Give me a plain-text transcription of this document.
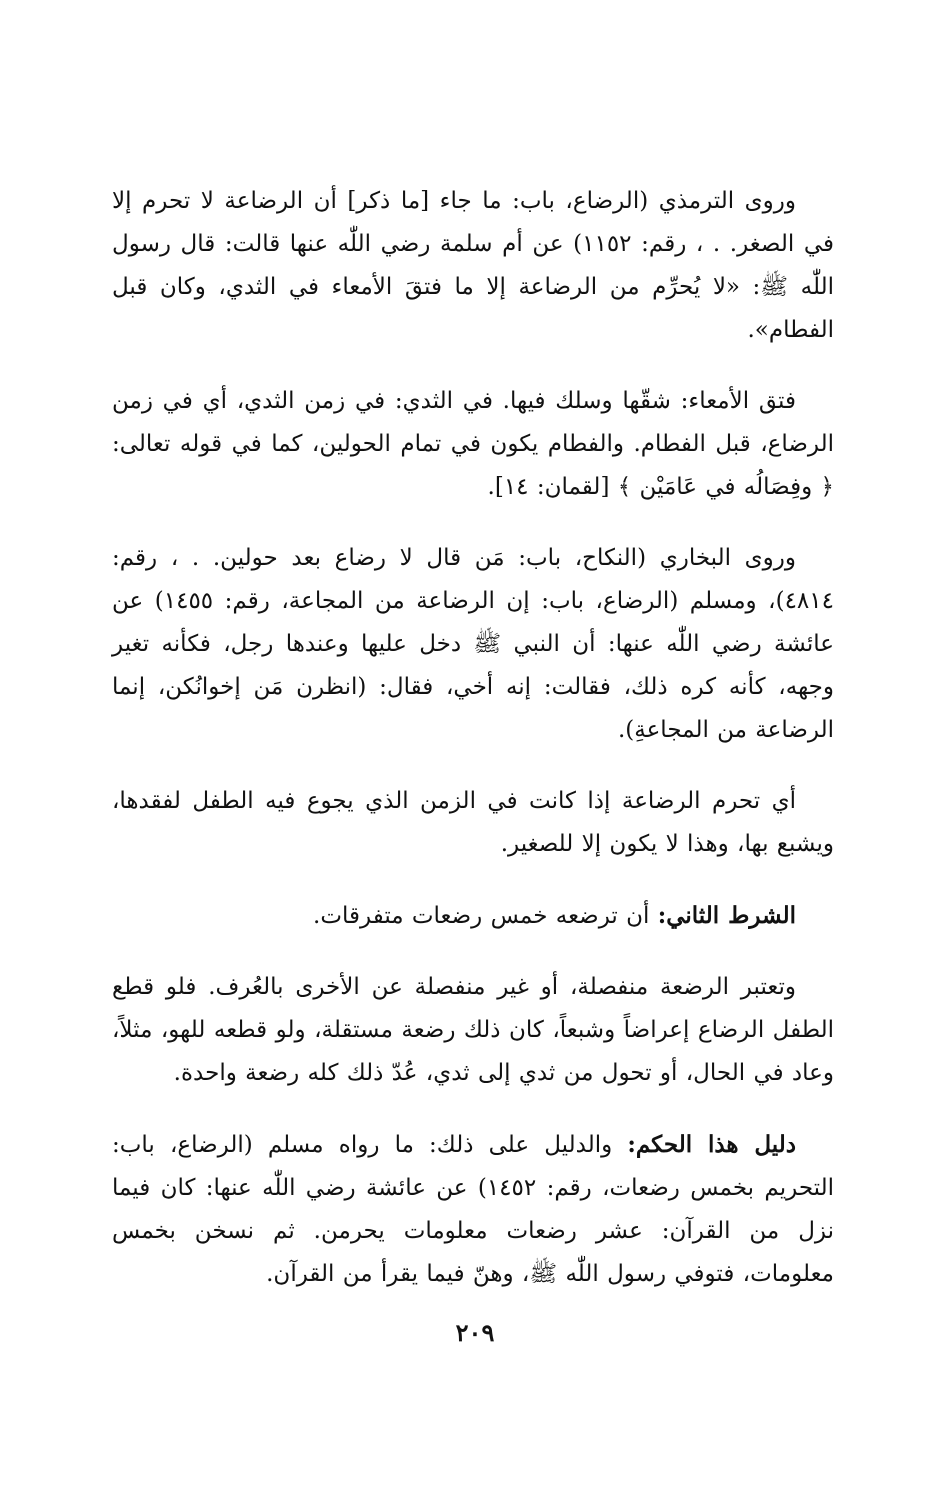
وروى الترمذي (الرضاع، باب: ما جاء [ما ذكر] أن الرضاعة لا تحرم إلا في الصغر. . ، رقم: ١١٥٢) عن أم سلمة رضي اللّٰه عنها قالت: قال رسول اللّٰه ﷺ: «لا يُحرِّم من الرضاعة إلا ما فتقَ الأمعاء في الثدي، وكان قبل الفطام».

فتق الأمعاء: شقّها وسلك فيها. في الثدي: في زمن الثدي، أي في زمن الرضاع، قبل الفطام. والفطام يكون في تمام الحولين، كما في قوله تعالى: ﴿ وفِصَالُه في عَامَيْن ﴾ [لقمان: ١٤].

وروى البخاري (النكاح، باب: مَن قال لا رضاع بعد حولين. . ، رقم: ٤٨١٤)، ومسلم (الرضاع، باب: إن الرضاعة من المجاعة، رقم: ١٤٥٥) عن عائشة رضي اللّٰه عنها: أن النبي ﷺ دخل عليها وعندها رجل، فكأنه تغير وجهه، كأنه كره ذلك، فقالت: إنه أخي، فقال: (انظرن مَن إخوانُكن، إنما الرضاعة من المجاعةِ).

أي تحرم الرضاعة إذا كانت في الزمن الذي يجوع فيه الطفل لفقدها، ويشبع بها، وهذا لا يكون إلا للصغير.

الشرط الثاني: أن ترضعه خمس رضعات متفرقات.

وتعتبر الرضعة منفصلة، أو غير منفصلة عن الأخرى بالعُرف. فلو قطع الطفل الرضاع إعراضاً وشبعاً، كان ذلك رضعة مستقلة، ولو قطعه للهو، مثلاً، وعاد في الحال، أو تحول من ثدي إلى ثدي، عُدّ ذلك كله رضعة واحدة.

دليل هذا الحكم: والدليل على ذلك: ما رواه مسلم (الرضاع، باب: التحريم بخمس رضعات، رقم: ١٤٥٢) عن عائشة رضي اللّٰه عنها: كان فيما نزل من القرآن: عشر رضعات معلومات يحرمن. ثم نسخن بخمس معلومات، فتوفي رسول اللّٰه ﷺ، وهنّ فيما يقرأ من القرآن.

٢٠٩
